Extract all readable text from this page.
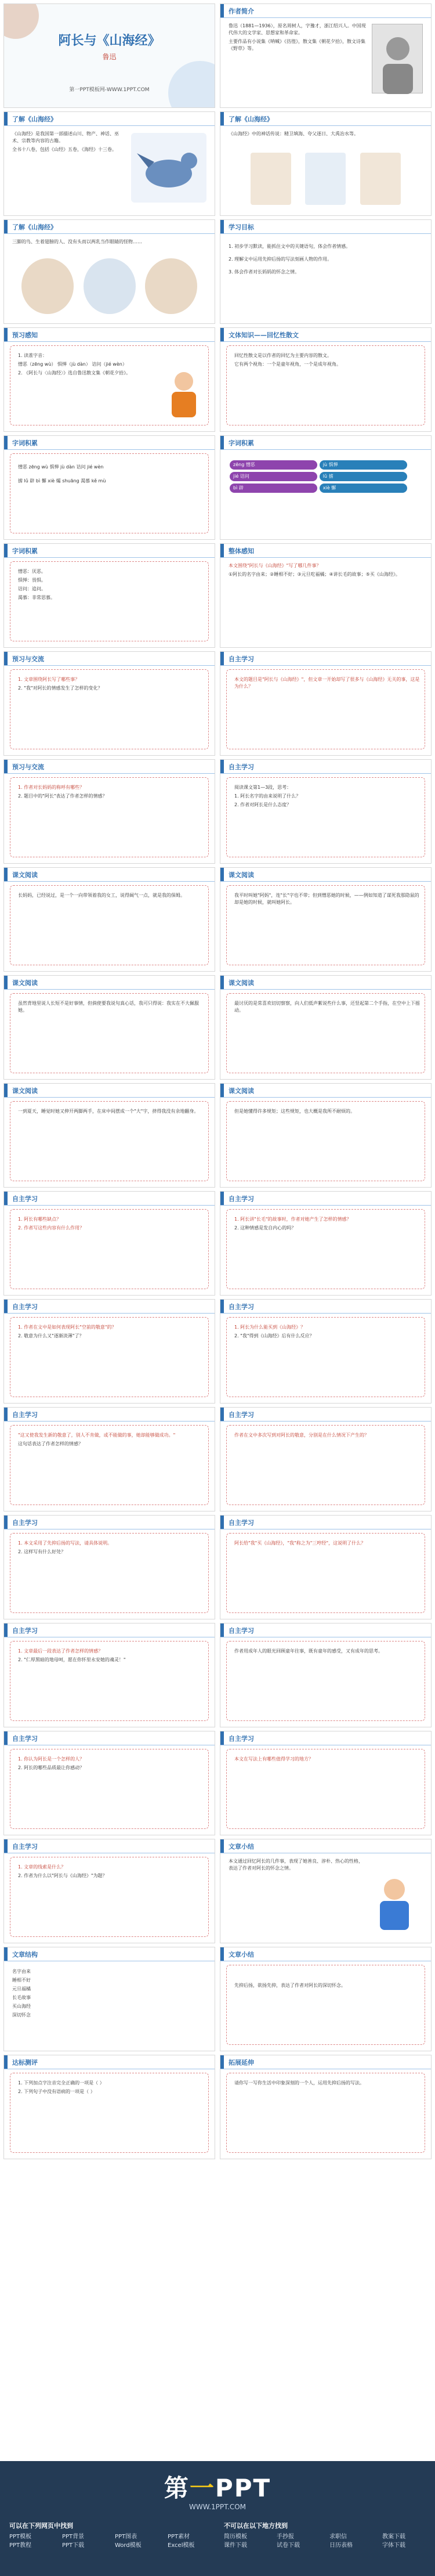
阿长与《山海经》
鲁迅
第一PPT模板网-WWW.1PPT.COM
作者简介

鲁迅（1881—1936），原名周树人，字豫才，浙江绍兴人。中国现代伟大的文学家、思想家和革命家。

主要作品有小说集《呐喊》《彷徨》，散文集《朝花夕拾》，散文诗集《野草》等。

了解《山海经》

《山海经》是我国第一部描述山川、物产、神话、巫术、宗教等内容的古籍。

全书十八卷，包括《山经》五卷，《海经》十三卷。

了解《山海经》

《山海经》中的神话传说：精卫填海、夸父逐日、大禹治水等。

了解《山海经》

三脚的鸟、生着翅膀的人、没有头而以两乳当作眼睛的怪物……

学习目标

1. 初步学习默读，能抓住文中的关键语句，体会作者情感。

2. 理解文中运用先抑后扬的写法刻画人物的作用。

3. 体会作者对长妈妈的怀念之情。

预习感知

1. 读准字音：

憎恶（zēng wù） 惧惮（jù dàn） 诘问（jié wèn）

2. 《阿长与〈山海经〉》选自鲁迅散文集《朝花夕拾》。

文体知识——回忆性散文

回忆性散文是以作者的回忆为主要内容的散文。

它有两个视角：一个是童年视角，一个是成年视角。

字词积累

憎恶 zēng wù 惧惮 jù dàn 诘问 jié wèn

掳 lǔ 辟 bì 懈 xiè 孀 shuāng 渴慕 kě mù

字词积累
zēng 憎恶	jù 惧惮
jié 诘问	lǔ 掳
bì 辟	xiè 懈
字词积累

憎恶：厌恶。

惧惮：畏惧。

诘问：追问。

渴慕：非常思慕。

整体感知

本文围绕"阿长与《山海经》"写了哪几件事？

①阿长的名字由来；②睡相不好；③元旦吃福橘；④讲长毛的故事；⑤买《山海经》。

预习与交流

1. 文章围绕阿长写了哪些事？

2. "我"对阿长的情感发生了怎样的变化？

自主学习

本文的题目是"阿长与《山海经》"，但文章一开始却写了很多与《山海经》无关的事，这是为什么？

预习与交流

1. 作者对长妈妈的称呼有哪些？

2. 题目中的"阿长"表达了作者怎样的情感？

自主学习

阅读课文第1—3段，思考：

1. 阿长名字的由来说明了什么？

2. 作者对阿长是什么态度？

课文阅读

长妈妈，已经说过，是一个一向带领着我的女工，说得阔气一点，就是我的保姆。

课文阅读

我平时叫她"阿妈"，连"长"字也不带；但到憎恶她的时候，——例如知道了谋死我那隐鼠的却是她的时候，就叫她阿长。

课文阅读

虽然背地里说人长短不是好事情，但倘使要我说句真心话，我可只得说：我实在不大佩服她。

课文阅读

最讨厌的是常喜欢切切察察，向人们低声絮说些什么事，还竖起第二个手指，在空中上下摇动。

课文阅读

一到夏天，睡觉时她又伸开两脚两手，在床中间摆成一个"大"字，挤得我没有余地翻身。

课文阅读

但是她懂得许多规矩；这些规矩，也大概是我所不耐烦的。

自主学习

1. 阿长有哪些缺点？

2. 作者写这些内容有什么作用？

自主学习

1. 阿长讲"长毛"的故事时，作者对她产生了怎样的情感？

2. 这种情感是发自内心的吗？

自主学习

1. 作者在文中是如何表现阿长"空前的敬意"的？

2. 敬意为什么又"逐渐淡薄"了？

自主学习

1. 阿长为什么能买到《山海经》？

2. "我"得到《山海经》后有什么反应？

自主学习

"这又使我发生新的敬意了，别人不肯做，或不能做的事，她却能够做成功。"

这句话表达了作者怎样的情感？

自主学习

作者在文中多次写到对阿长的敬意，分别是在什么情况下产生的？

自主学习

1. 本文采用了先抑后扬的写法，请具体说明。

2. 这样写有什么好处？

自主学习

阿长给"我"买《山海经》，"我"称之为"三哼经"，这说明了什么？

自主学习

1. 文章最后一段表达了作者怎样的情感？

2. "仁厚黑暗的地母呵，愿在你怀里永安她的魂灵！"

自主学习

作者用成年人的眼光回顾童年往事，既有童年的感受，又有成年的思考。

自主学习

1. 你认为阿长是一个怎样的人？

2. 阿长的哪些品质最让你感动？

自主学习

本文在写法上有哪些值得学习的地方？

自主学习

1. 文章的线索是什么？

2. 作者为什么以"阿长与《山海经》"为题？

文章小结

本文通过回忆阿长的几件事，表现了她善良、淳朴、热心的性格，表达了作者对阿长的怀念之情。

文章结构

名字由来

睡相不好

元旦福橘

长毛故事

买山海经

深切怀念

文章小结

先抑后扬，欲扬先抑，表达了作者对阿长的深切怀念。

达标测评

1. 下列加点字注音完全正确的一项是（ ）

2. 下列句子中没有语病的一项是（ ）

拓展延伸

请你写一写你生活中印象深刻的一个人，运用先抑后扬的写法。

第一PPT
WWW.1PPT.COM
可以在下列网页中找到
PPT模板	PPT背景	PPT图表	PPT素材
PPT教程	PPT下载	Word模板	Excel模板
不可以在以下地方找到
简历模板	手抄报	求职信	教案下载
课件下载	试卷下载	日历表格	字体下载
